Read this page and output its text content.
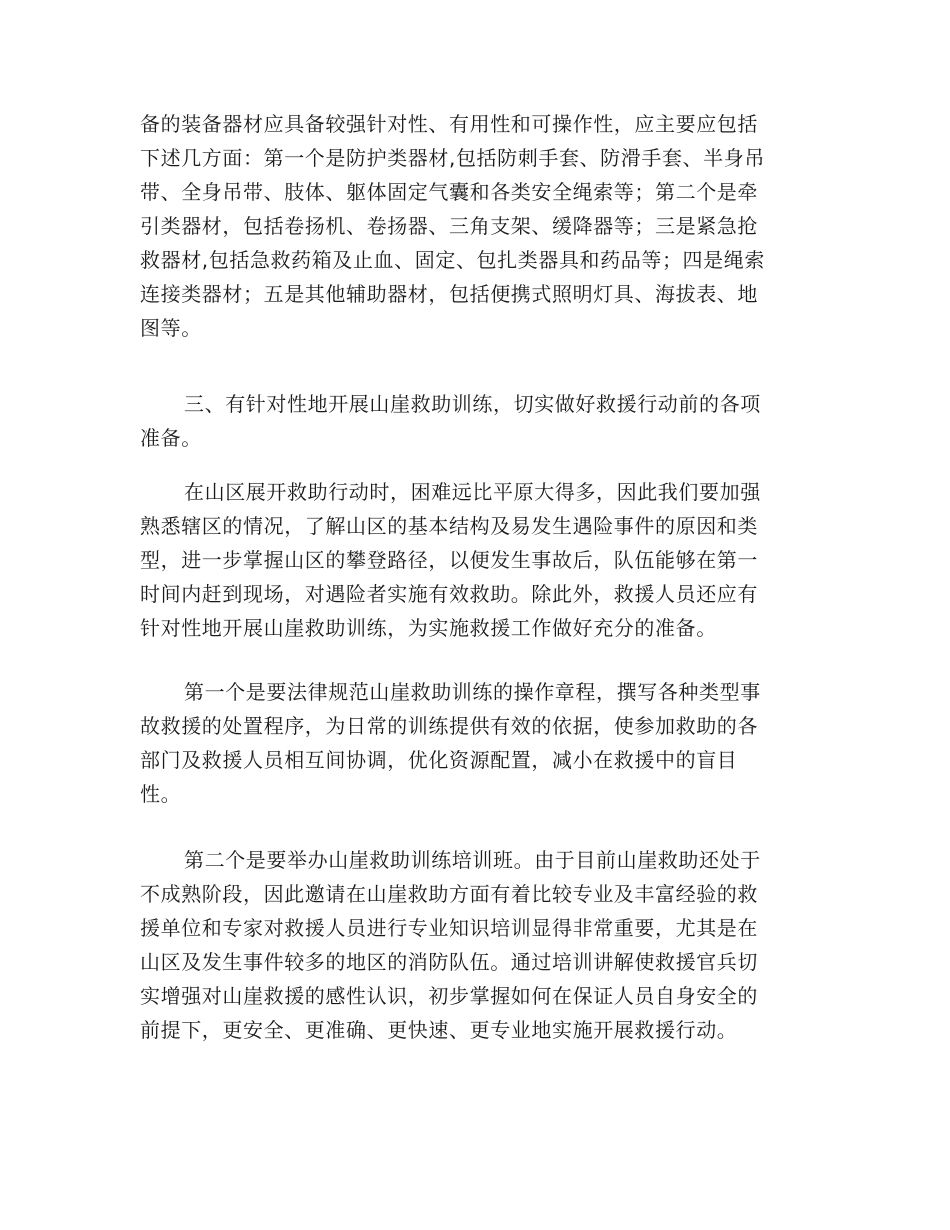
备的装备器材应具备较强针对性、有用性和可操作性，应主要应包括
下述几方面：第一个是防护类器材,包括防刺手套、防滑手套、半身吊
带、全身吊带、肢体、躯体固定气囊和各类安全绳索等；第二个是牵
引类器材，包括卷扬机、卷扬器、三角支架、缓降器等；三是紧急抢
救器材,包括急救药箱及止血、固定、包扎类器具和药品等；四是绳索
连接类器材；五是其他辅助器材，包括便携式照明灯具、海拔表、地
图等。
三、有针对性地开展山崖救助训练，切实做好救援行动前的各项
准备。
在山区展开救助行动时，困难远比平原大得多，因此我们要加强
熟悉辖区的情况，了解山区的基本结构及易发生遇险事件的原因和类
型，进一步掌握山区的攀登路径，以便发生事故后，队伍能够在第一
时间内赶到现场，对遇险者实施有效救助。除此外，救援人员还应有
针对性地开展山崖救助训练，为实施救援工作做好充分的准备。
第一个是要法律规范山崖救助训练的操作章程，撰写各种类型事
故救援的处置程序，为日常的训练提供有效的依据，使参加救助的各
部门及救援人员相互间协调，优化资源配置，减小在救援中的盲目
性。
第二个是要举办山崖救助训练培训班。由于目前山崖救助还处于
不成熟阶段，因此邀请在山崖救助方面有着比较专业及丰富经验的救
援单位和专家对救援人员进行专业知识培训显得非常重要，尤其是在
山区及发生事件较多的地区的消防队伍。通过培训讲解使救援官兵切
实增强对山崖救援的感性认识，初步掌握如何在保证人员自身安全的
前提下，更安全、更准确、更快速、更专业地实施开展救援行动。
